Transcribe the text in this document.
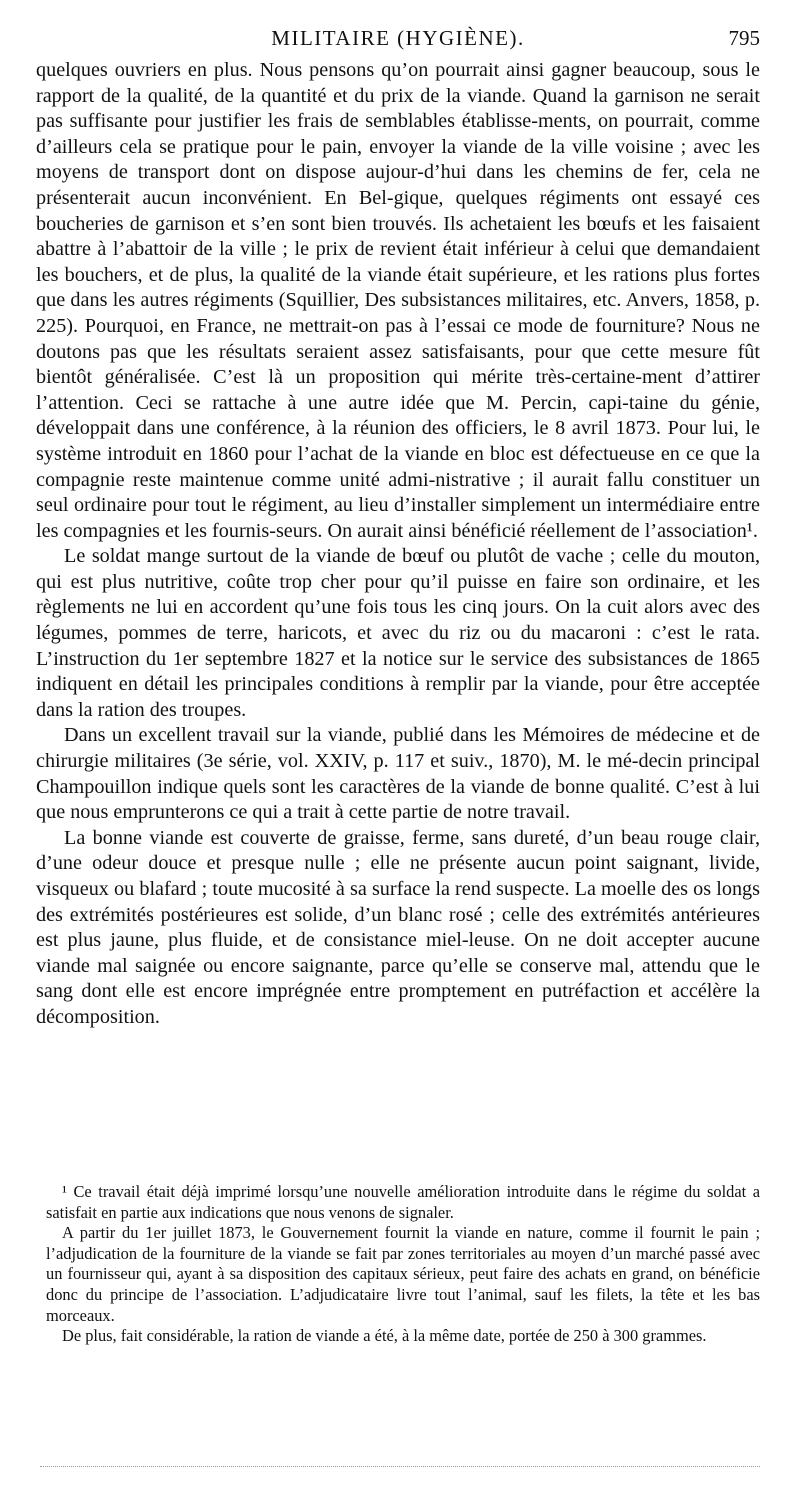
MILITAIRE (HYGIÈNE).	795

quelques ouvriers en plus. Nous pensons qu’on pourrait ainsi gagner beaucoup, sous le rapport de la qualité, de la quantité et du prix de la viande. Quand la garnison ne serait pas suffisante pour justifier les frais de semblables établisse-ments, on pourrait, comme d’ailleurs cela se pratique pour le pain, envoyer la viande de la ville voisine ; avec les moyens de transport dont on dispose aujour-d’hui dans les chemins de fer, cela ne présenterait aucun inconvénient. En Bel-gique, quelques régiments ont essayé ces boucheries de garnison et s’en sont bien trouvés. Ils achetaient les bœufs et les faisaient abattre à l’abattoir de la ville ; le prix de revient était inférieur à celui que demandaient les bouchers, et de plus, la qualité de la viande était supérieure, et les rations plus fortes que dans les autres régiments (Squillier, Des subsistances militaires, etc. Anvers, 1858, p. 225). Pourquoi, en France, ne mettrait-on pas à l’essai ce mode de fourniture? Nous ne doutons pas que les résultats seraient assez satisfaisants, pour que cette mesure fût bientôt généralisée. C’est là un proposition qui mérite très-certaine-ment d’attirer l’attention. Ceci se rattache à une autre idée que M. Percin, capi-taine du génie, développait dans une conférence, à la réunion des officiers, le 8 avril 1873. Pour lui, le système introduit en 1860 pour l’achat de la viande en bloc est défectueuse en ce que la compagnie reste maintenue comme unité admi-nistrative ; il aurait fallu constituer un seul ordinaire pour tout le régiment, au lieu d’installer simplement un intermédiaire entre les compagnies et les fournis-seurs. On aurait ainsi bénéficié réellement de l’association¹.

Le soldat mange surtout de la viande de bœuf ou plutôt de vache ; celle du mouton, qui est plus nutritive, coûte trop cher pour qu’il puisse en faire son ordinaire, et les règlements ne lui en accordent qu’une fois tous les cinq jours. On la cuit alors avec des légumes, pommes de terre, haricots, et avec du riz ou du macaroni : c’est le rata. L’instruction du 1er septembre 1827 et la notice sur le service des subsistances de 1865 indiquent en détail les principales conditions à remplir par la viande, pour être acceptée dans la ration des troupes.

Dans un excellent travail sur la viande, publié dans les Mémoires de médecine et de chirurgie militaires (3e série, vol. XXIV, p. 117 et suiv., 1870), M. le mé-decin principal Champouillon indique quels sont les caractères de la viande de bonne qualité. C’est à lui que nous emprunterons ce qui a trait à cette partie de notre travail.

La bonne viande est couverte de graisse, ferme, sans dureté, d’un beau rouge clair, d’une odeur douce et presque nulle ; elle ne présente aucun point saignant, livide, visqueux ou blafard ; toute mucosité à sa surface la rend suspecte. La moelle des os longs des extrémités postérieures est solide, d’un blanc rosé ; celle des extrémités antérieures est plus jaune, plus fluide, et de consistance miel-leuse. On ne doit accepter aucune viande mal saignée ou encore saignante, parce qu’elle se conserve mal, attendu que le sang dont elle est encore imprégnée entre promptement en putréfaction et accélère la décomposition.

¹ Ce travail était déjà imprimé lorsqu’une nouvelle amélioration introduite dans le régime du soldat a satisfait en partie aux indications que nous venons de signaler.

A partir du 1er juillet 1873, le Gouvernement fournit la viande en nature, comme il fournit le pain ; l’adjudication de la fourniture de la viande se fait par zones territoriales au moyen d’un marché passé avec un fournisseur qui, ayant à sa disposition des capitaux sérieux, peut faire des achats en grand, on bénéficie donc du principe de l’association. L’adjudicataire livre tout l’animal, sauf les filets, la tête et les bas morceaux.

De plus, fait considérable, la ration de viande a été, à la même date, portée de 250 à 300 grammes.
